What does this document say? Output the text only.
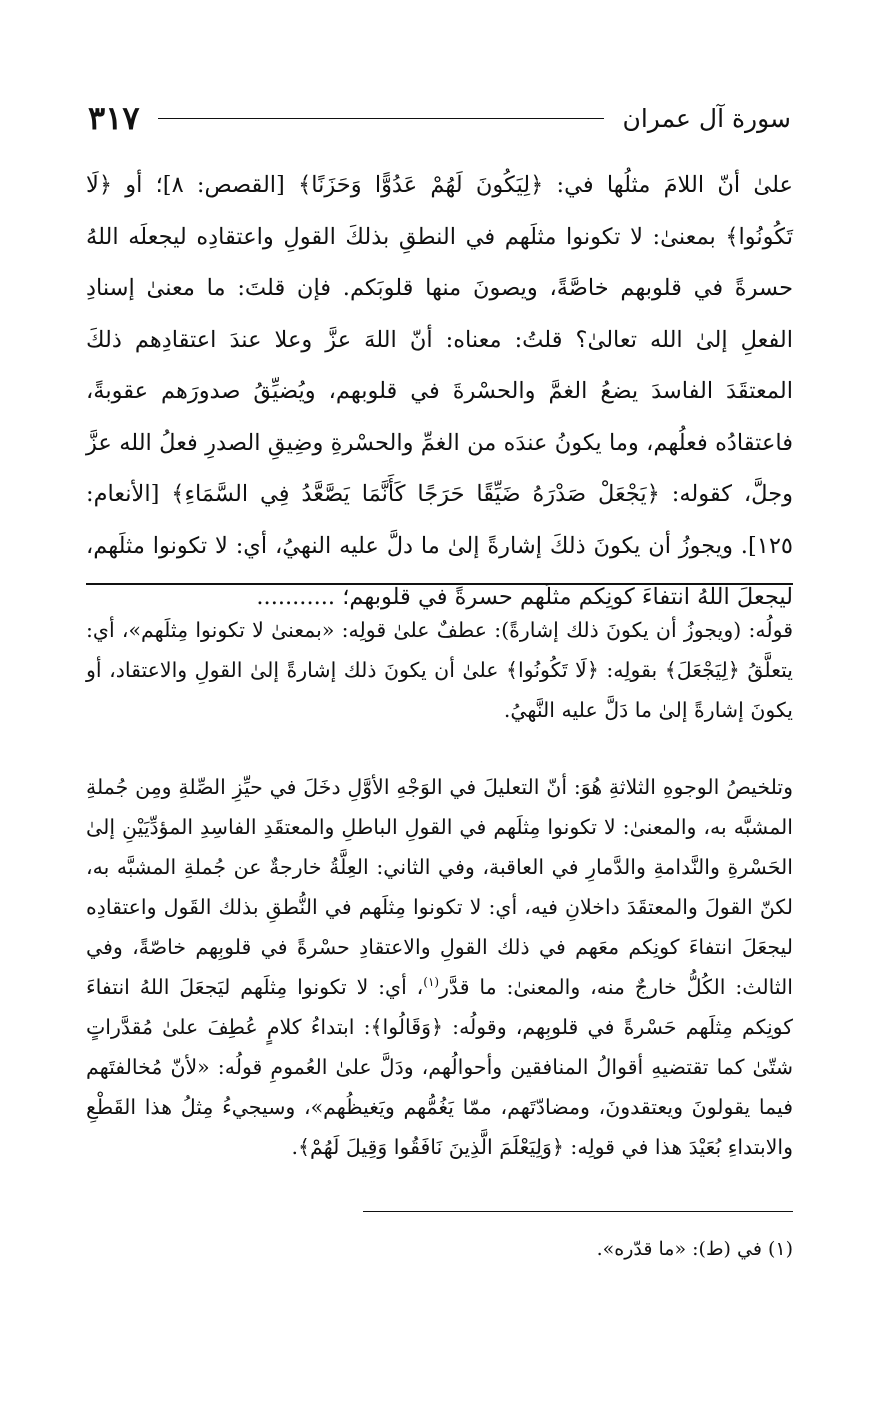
سورة آل عمران
٣١٧

علىٰ أنّ اللامَ مثلُها في: ﴿لِيَكُونَ لَهُمْ عَدُوًّا وَحَزَنًا﴾ [القصص: ٨]؛ أو ﴿لَا تَكُونُوا﴾ بمعنىٰ: لا تكونوا مثلَهم في النطقِ بذلكَ القولِ واعتقادِه ليجعلَه اللهُ حسرةً في قلوبهم خاصَّةً، ويصونَ منها قلوبَكم. فإن قلتَ: ما معنىٰ إسنادِ الفعلِ إلىٰ الله تعالىٰ؟ قلتُ: معناه: أنّ اللهَ عزَّ وعلا عندَ اعتقادِهم ذلكَ المعتقَدَ الفاسدَ يضعُ الغمَّ والحسْرةَ في قلوبهم، ويُضيِّقُ صدورَهم عقوبةً، فاعتقادُه فعلُهم، وما يكونُ عندَه من الغمِّ والحسْرةِ وضِيقِ الصدرِ فعلُ الله عزَّ وجلَّ، كقوله: ﴿يَجْعَلْ صَدْرَهُ ضَيِّقًا حَرَجًا كَأَنَّمَا يَصَّعَّدُ فِي السَّمَاءِ﴾ [الأنعام: ١٢٥]. ويجوزُ أن يكونَ ذلكَ إشارةً إلىٰ ما دلَّ عليه النهيُ، أي: لا تكونوا مثلَهم، ليجعلَ اللهُ انتفاءَ كونِكم مثلَهم حسرةً في قلوبهم؛ ...........

قولُه: (ويجوزُ أن يكونَ ذلك إشارةً): عطفٌ علىٰ قولِه: «بمعنىٰ لا تكونوا مِثلَهم»، أي: يتعلَّقُ ﴿لِيَجْعَلَ﴾ بقولِه: ﴿لَا تَكُونُوا﴾ علىٰ أن يكونَ ذلك إشارةً إلىٰ القولِ والاعتقاد، أو يكونَ إشارةً إلىٰ ما دَلَّ عليه النَّهيُ.

وتلخيصُ الوجوهِ الثلاثةِ هُوَ: أنّ التعليلَ في الوَجْهِ الأوَّلِ دخَلَ في حيِّزِ الصِّلةِ ومِن جُملةِ المشبَّه به، والمعنىٰ: لا تكونوا مِثلَهم في القولِ الباطلِ والمعتقَدِ الفاسِدِ المؤدِّيَيْنِ إلىٰ الحَسْرةِ والنَّدامةِ والدَّمارِ في العاقبة، وفي الثاني: العِلَّةُ خارجةٌ عن جُملةِ المشبَّه به، لكنّ القولَ والمعتقَدَ داخلانِ فيه، أي: لا تكونوا مِثلَهم في النُّطقِ بذلك القَول واعتقادِه ليجعَلَ انتفاءَ كونِكم معَهم في ذلك القولِ والاعتقادِ حسْرةً في قلوبِهم خاصّةً، وفي الثالث: الكُلُّ خارجٌ منه، والمعنىٰ: ما قدَّر$^{(١)}$، أي: لا تكونوا مِثلَهم ليَجعَلَ اللهُ انتفاءَ كونِكم مِثلَهم حَسْرةً في قلوبِهم، وقولُه: ﴿وَقَالُوا﴾: ابتداءُ كلامٍ عُطِفَ علىٰ مُقدَّراتٍ شتّىٰ كما تقتضيهِ أقوالُ المنافقين وأحوالُهم، ودَلَّ علىٰ العُمومِ قولُه: «لأنّ مُخالفتَهم فيما يقولونَ ويعتقدونَ، ومضادّتَهم، ممّا يَغُمُّهم ويَغيظُهم»، وسيجيءُ مِثلُ هذا القَطْعِ والابتداءِ بُعَيْدَ هذا في قولِه: ﴿وَلِيَعْلَمَ الَّذِينَ نَافَقُوا وَقِيلَ لَهُمْ﴾.

(١) في (ط): «ما قدّره».
